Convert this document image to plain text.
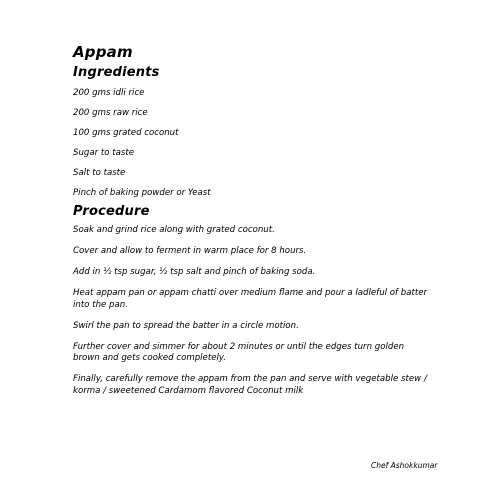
Appam
Ingredients
200 gms idli rice
200 gms raw rice
100 gms grated coconut
Sugar to taste
Salt to taste
Pinch of baking powder or Yeast
Procedure
Soak and grind rice along with grated coconut.
Cover and allow to ferment in warm place for 8 hours.
Add in ½ tsp sugar, ½ tsp salt and pinch of baking soda.
Heat appam pan or appam chatti over medium flame and pour a ladleful of batter into the pan.
Swirl the pan to spread the batter in a circle motion.
Further cover and simmer for about 2 minutes or until the edges turn golden brown and gets cooked completely.
Finally, carefully remove the appam from the pan and serve with vegetable stew / korma / sweetened Cardamom flavored Coconut milk
Chef Ashokkumar
